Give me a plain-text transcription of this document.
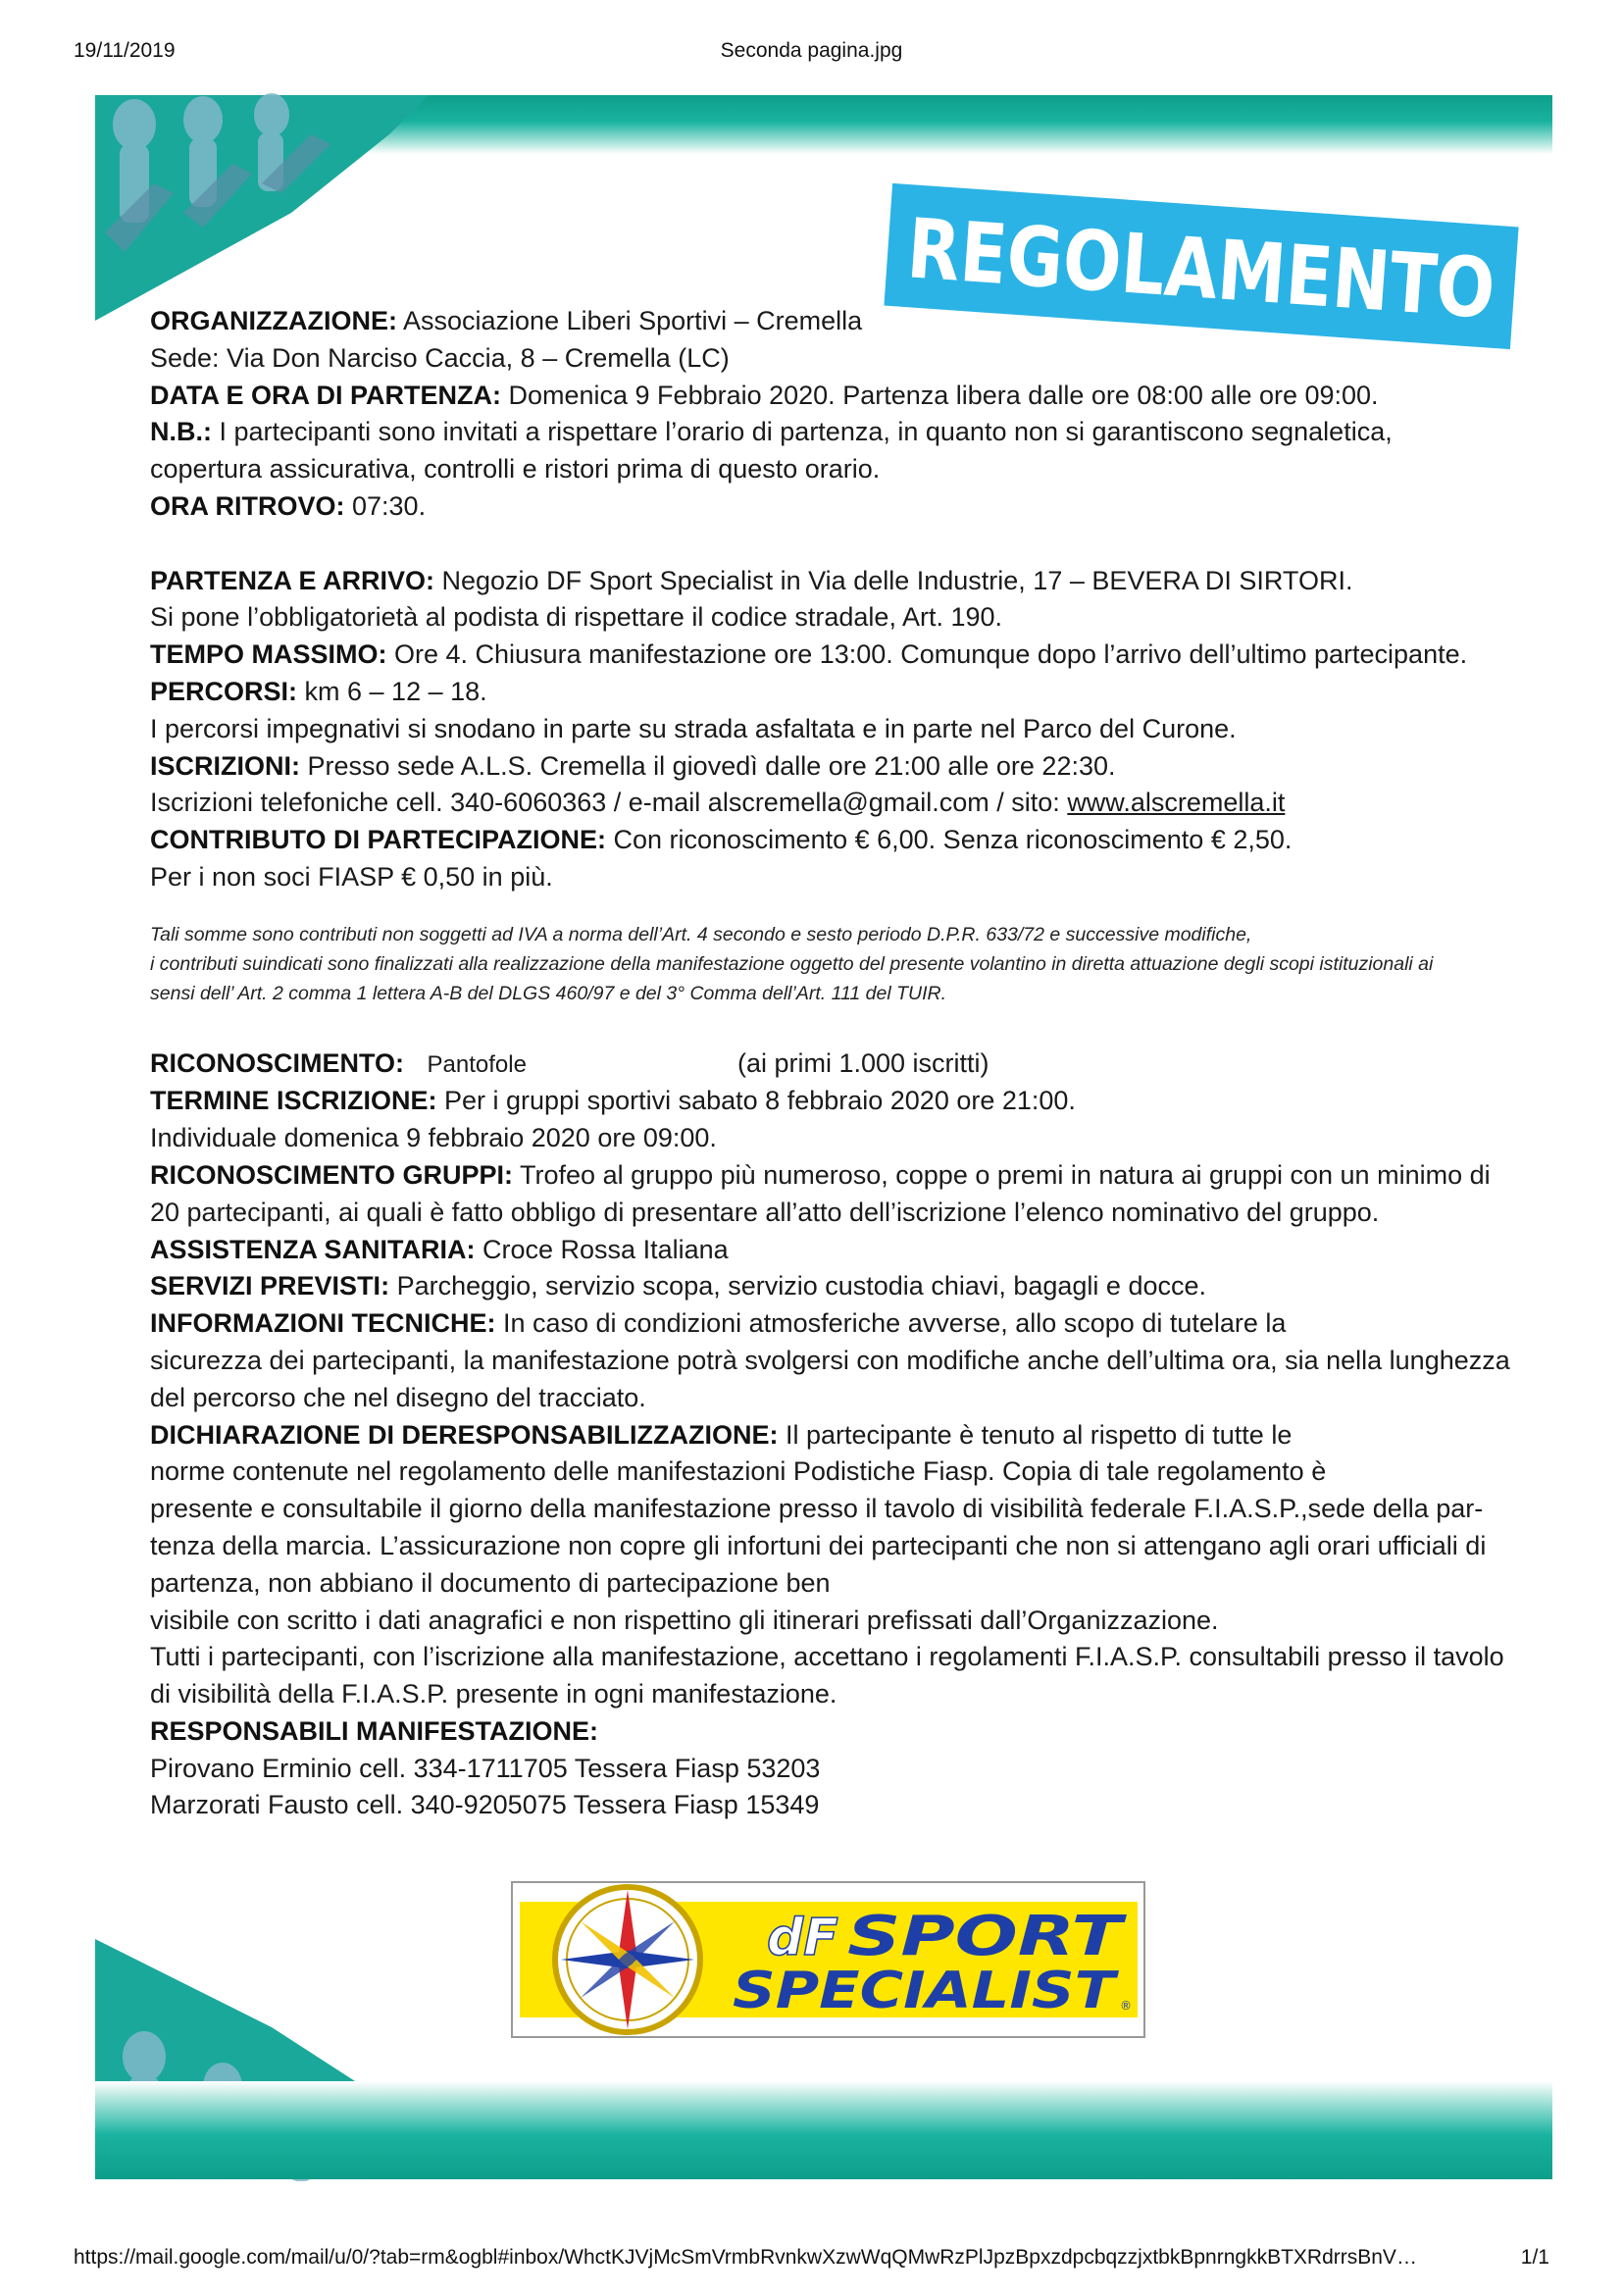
19/11/2019	Seconda pagina.jpg
REGOLAMENTO

ORGANIZZAZIONE: Associazione Liberi Sportivi – Cremella

Sede: Via Don Narciso Caccia, 8 – Cremella (LC)

DATA E ORA DI PARTENZA: Domenica 9 Febbraio 2020. Partenza libera dalle ore 08:00 alle ore 09:00.

N.B.: I partecipanti sono invitati a rispettare l’orario di partenza, in quanto non si garantiscono segnaletica,

copertura assicurativa, controlli e ristori prima di questo orario.

ORA RITROVO: 07:30.

PARTENZA E ARRIVO: Negozio DF Sport Specialist in Via delle Industrie, 17 – BEVERA DI SIRTORI.

Si pone l’obbligatorietà al podista di rispettare il codice stradale, Art. 190.

TEMPO MASSIMO: Ore 4. Chiusura manifestazione ore 13:00. Comunque dopo l’arrivo dell’ultimo partecipante.

PERCORSI: km 6 – 12 – 18.

I percorsi impegnativi si snodano in parte su strada asfaltata e in parte nel Parco del Curone.

ISCRIZIONI: Presso sede A.L.S. Cremella il giovedì dalle ore 21:00 alle ore 22:30.

Iscrizioni telefoniche cell. 340-6060363 / e-mail alscremella@gmail.com / sito: www.alscremella.it

CONTRIBUTO DI PARTECIPAZIONE: Con riconoscimento € 6,00. Senza riconoscimento € 2,50.

Per i non soci FIASP € 0,50 in più.

Tali somme sono contributi non soggetti ad IVA a norma dell’Art. 4 secondo e sesto periodo D.P.R. 633/72 e successive modifiche,

i contributi suindicati sono finalizzati alla realizzazione della manifestazione oggetto del presente volantino in diretta attuazione degli scopi istituzionali ai

sensi dell’ Art. 2 comma 1 lettera A-B del DLGS 460/97 e del 3° Comma dell’Art. 111 del TUIR.

RICONOSCIMENTO: Pantofole	(ai primi 1.000 iscritti)

TERMINE ISCRIZIONE: Per i gruppi sportivi sabato 8 febbraio 2020 ore 21:00.

Individuale domenica 9 febbraio 2020 ore 09:00.

RICONOSCIMENTO GRUPPI: Trofeo al gruppo più numeroso, coppe o premi in natura ai gruppi con un minimo di

20 partecipanti, ai quali è fatto obbligo di presentare all’atto dell’iscrizione l’elenco nominativo del gruppo.

ASSISTENZA SANITARIA: Croce Rossa Italiana

SERVIZI PREVISTI: Parcheggio, servizio scopa, servizio custodia chiavi, bagagli e docce.

INFORMAZIONI TECNICHE: In caso di condizioni atmosferiche avverse, allo scopo di tutelare la

sicurezza dei partecipanti, la manifestazione potrà svolgersi con modifiche anche dell’ultima ora, sia nella lunghezza

del percorso che nel disegno del tracciato.

DICHIARAZIONE DI DERESPONSABILIZZAZIONE: Il partecipante è tenuto al rispetto di tutte le

norme contenute nel regolamento delle manifestazioni Podistiche Fiasp. Copia di tale regolamento è

presente e consultabile il giorno della manifestazione presso il tavolo di visibilità federale F.I.A.S.P.,sede della par-

tenza della marcia. L’assicurazione non copre gli infortuni dei partecipanti che non si attengano agli orari ufficiali di

partenza, non abbiano il documento di partecipazione ben

visibile con scritto i dati anagrafici e non rispettino gli itinerari prefissati dall’Organizzazione.

Tutti i partecipanti, con l’iscrizione alla manifestazione, accettano i regolamenti F.I.A.S.P. consultabili presso il tavolo

di visibilità della F.I.A.S.P. presente in ogni manifestazione.

RESPONSABILI MANIFESTAZIONE:

Pirovano Erminio cell. 334-1711705 Tessera Fiasp 53203

Marzorati Fausto cell. 340-9205075 Tessera Fiasp 15349

dF SPORT
SPECIALIST ®
https://mail.google.com/mail/u/0/?tab=rm&ogbl#inbox/WhctKJVjMcSmVrmbRvnkwXzwWqQMwRzPlJpzBpxzdpcbqzzjxtbkBpnrngkkBTXRdrrsBnV…	1/1
